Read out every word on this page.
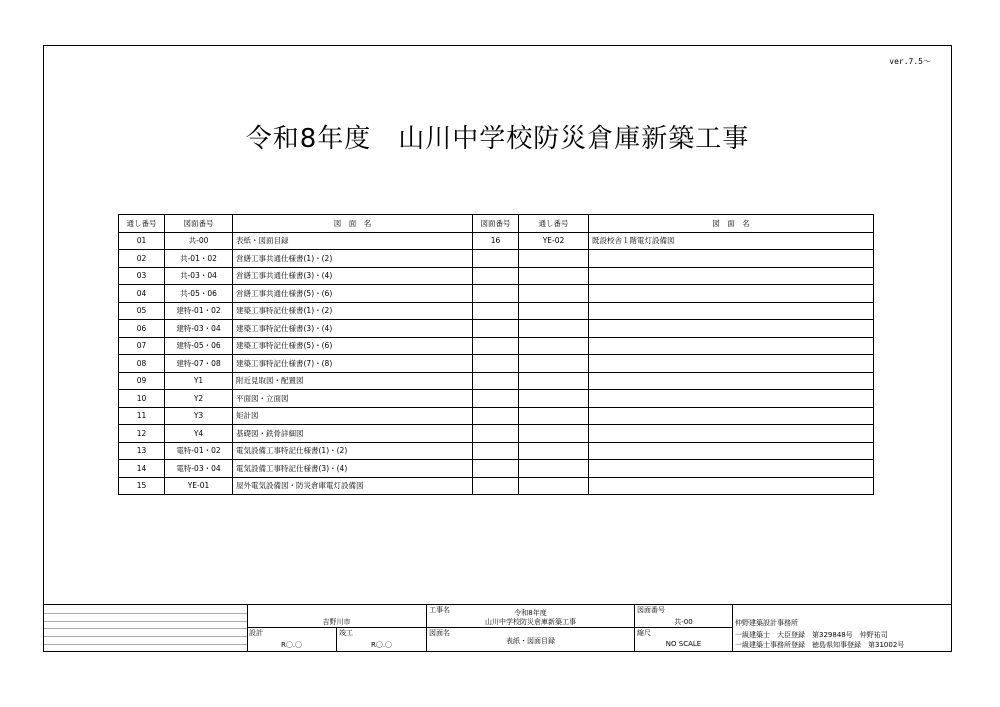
ver.7.5～
令和8年度　山川中学校防災倉庫新築工事
通し番号	図面番号	図　面　名	図面番号	通し番号	図　面　名
01	共-00	表紙・図面目録	16	YE-02	既設校舎１階電灯設備図
02	共-01・02	営繕工事共通仕様書(1)・(2)			
03	共-03・04	営繕工事共通仕様書(3)・(4)			
04	共-05・06	営繕工事共通仕様書(5)・(6)			
05	建特-01・02	建築工事特記仕様書(1)・(2)			
06	建特-03・04	建築工事特記仕様書(3)・(4)			
07	建特-05・06	建築工事特記仕様書(5)・(6)			
08	建特-07・08	建築工事特記仕様書(7)・(8)			
09	Y1	附近見取図・配置図			
10	Y2	平面図・立面図			
11	Y3	矩計図			
12	Y4	基礎図・鉄骨詳細図			
13	電特-01・02	電気設備工事特記仕様書(1)・(2)			
14	電特-03・04	電気設備工事特記仕様書(3)・(4)			
15	YE-01	屋外電気設備図・防災倉庫電灯設備図			
吉野川市
設計
R〇.〇
竣工
R〇.〇
工事名	令和8年度
山川中学校防災倉庫新築工事
図面名
表紙・図面目録
図面番号
共-00
縮尺
NO SCALE
仲野建築設計事務所
一級建築士　大臣登録　第329848号　仲野祐司
一級建築士事務所登録　徳島県知事登録　第31002号
